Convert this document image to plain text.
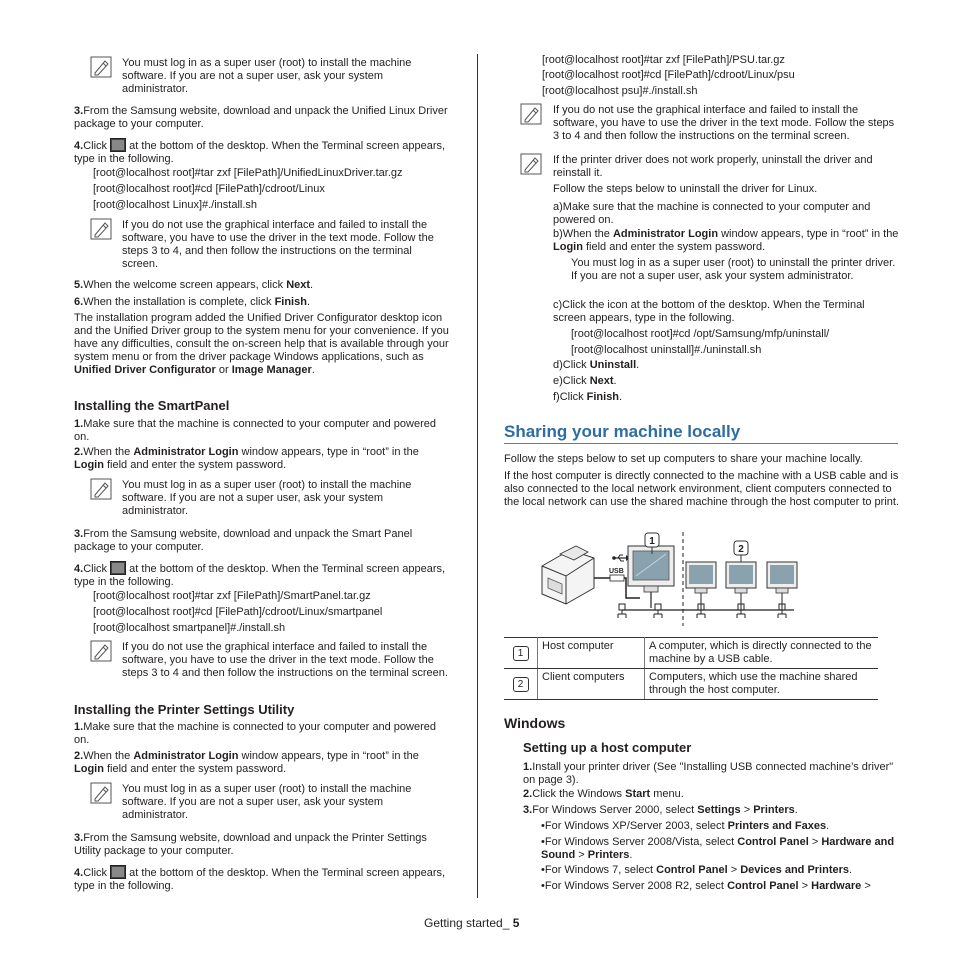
You must log in as a super user (root) to install the machine software. If you are not a super user, ask your system administrator.
3.From the Samsung website, download and unpack the Unified Linux Driver package to your computer.
4.Click at the bottom of the desktop. When the Terminal screen appears, type in the following.
[root@localhost root]#tar zxf [FilePath]/UnifiedLinuxDriver.tar.gz
[root@localhost root]#cd [FilePath]/cdroot/Linux
[root@localhost Linux]#./install.sh
If you do not use the graphical interface and failed to install the software, you have to use the driver in the text mode. Follow the steps 3 to 4, and then follow the instructions on the terminal screen.
5.When the welcome screen appears, click Next.
6.When the installation is complete, click Finish.
The installation program added the Unified Driver Configurator desktop icon and the Unified Driver group to the system menu for your convenience. If you have any difficulties, consult the on-screen help that is available through your system menu or from the driver package Windows applications, such as Unified Driver Configurator or Image Manager.
Installing the SmartPanel
1.Make sure that the machine is connected to your computer and powered on.
2.When the Administrator Login window appears, type in “root” in the Login field and enter the system password.
You must log in as a super user (root) to install the machine software. If you are not a super user, ask your system administrator.
3.From the Samsung website, download and unpack the Smart Panel package to your computer.
4.Click at the bottom of the desktop. When the Terminal screen appears, type in the following.
[root@localhost root]#tar zxf [FilePath]/SmartPanel.tar.gz
[root@localhost root]#cd [FilePath]/cdroot/Linux/smartpanel
[root@localhost smartpanel]#./install.sh
If you do not use the graphical interface and failed to install the software, you have to use the driver in the text mode. Follow the steps 3 to 4 and then follow the instructions on the terminal screen.
Installing the Printer Settings Utility
1.Make sure that the machine is connected to your computer and powered on.
2.When the Administrator Login window appears, type in “root” in the Login field and enter the system password.
You must log in as a super user (root) to install the machine software. If you are not a super user, ask your system administrator.
3.From the Samsung website, download and unpack the Printer Settings Utility package to your computer.
4.Click at the bottom of the desktop. When the Terminal screen appears, type in the following.
[root@localhost root]#tar zxf [FilePath]/PSU.tar.gz
[root@localhost root]#cd [FilePath]/cdroot/Linux/psu
[root@localhost psu]#./install.sh
If you do not use the graphical interface and failed to install the software, you have to use the driver in the text mode. Follow the steps 3 to 4 and then follow the instructions on the terminal screen.
If the printer driver does not work properly, uninstall the driver and reinstall it.
Follow the steps below to uninstall the driver for Linux.
a)Make sure that the machine is connected to your computer and powered on.
b)When the Administrator Login window appears, type in “root” in the Login field and enter the system password.
You must log in as a super user (root) to uninstall the printer driver. If you are not a super user, ask your system administrator.
c)Click the icon at the bottom of the desktop. When the Terminal screen appears, type in the following.
[root@localhost root]#cd /opt/Samsung/mfp/uninstall/
[root@localhost uninstall]#./uninstall.sh
d)Click Uninstall.
e)Click Next.
f)Click Finish.
Sharing your machine locally
Follow the steps below to set up computers to share your machine locally.
If the host computer is directly connected to the machine with a USB cable and is also connected to the local network environment, client computers connected to the local network can use the shared machine through the host computer to print.
USB
1
2
1	Host computer	A computer, which is directly connected to the machine by a USB cable.
2	Client computers	Computers, which use the machine shared through the host computer.
Windows
Setting up a host computer
1.Install your printer driver (See "Installing USB connected machine’s driver" on page 3).
2.Click the Windows Start menu.
3.For Windows Server 2000, select Settings > Printers.
•For Windows XP/Server 2003, select Printers and Faxes.
•For Windows Server 2008/Vista, select Control Panel > Hardware and Sound > Printers.
•For Windows 7, select Control Panel > Devices and Printers.
•For Windows Server 2008 R2, select Control Panel > Hardware >
Getting started_ 5
